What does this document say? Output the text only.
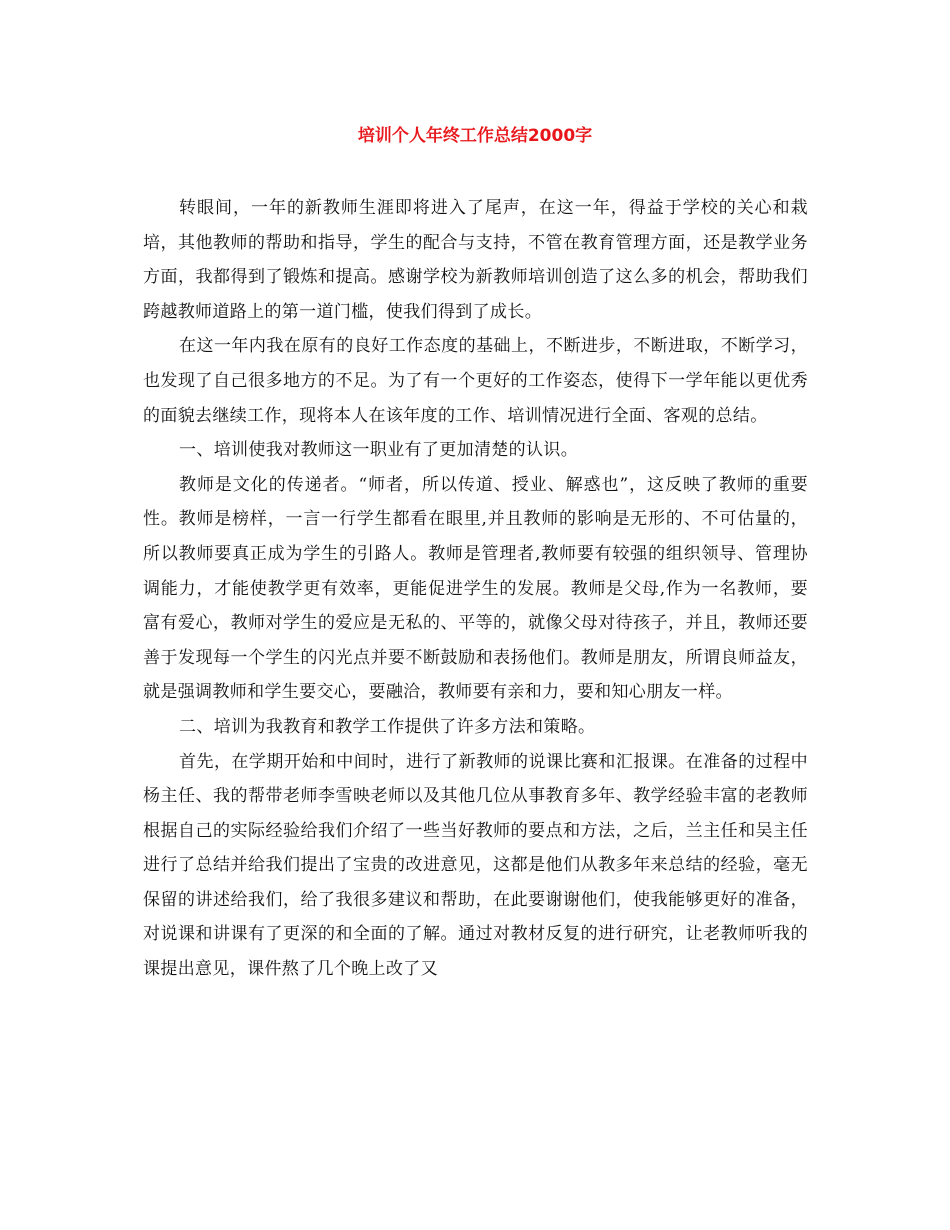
培训个人年终工作总结2000字

转眼间，一年的新教师生涯即将进入了尾声，在这一年，得益于学校的关心和栽培，其他教师的帮助和指导，学生的配合与支持，不管在教育管理方面，还是教学业务方面，我都得到了锻炼和提高。感谢学校为新教师培训创造了这么多的机会，帮助我们跨越教师道路上的第一道门槛，使我们得到了成长。

在这一年内我在原有的良好工作态度的基础上，不断进步，不断进取，不断学习，也发现了自己很多地方的不足。为了有一个更好的工作姿态，使得下一学年能以更优秀的面貌去继续工作，现将本人在该年度的工作、培训情况进行全面、客观的总结。

一、培训使我对教师这一职业有了更加清楚的认识。

教师是文化的传递者。“师者，所以传道、授业、解惑也”，这反映了教师的重要性。教师是榜样，一言一行学生都看在眼里,并且教师的影响是无形的、不可估量的，所以教师要真正成为学生的引路人。教师是管理者,教师要有较强的组织领导、管理协调能力，才能使教学更有效率，更能促进学生的发展。教师是父母,作为一名教师，要富有爱心，教师对学生的爱应是无私的、平等的，就像父母对待孩子，并且，教师还要善于发现每一个学生的闪光点并要不断鼓励和表扬他们。教师是朋友，所谓良师益友，就是强调教师和学生要交心，要融洽，教师要有亲和力，要和知心朋友一样。

二、培训为我教育和教学工作提供了许多方法和策略。

首先，在学期开始和中间时，进行了新教师的说课比赛和汇报课。在准备的过程中杨主任、我的帮带老师李雪映老师以及其他几位从事教育多年、教学经验丰富的老教师根据自己的实际经验给我们介绍了一些当好教师的要点和方法，之后，兰主任和吴主任进行了总结并给我们提出了宝贵的改进意见，这都是他们从教多年来总结的经验，毫无保留的讲述给我们，给了我很多建议和帮助，在此要谢谢他们，使我能够更好的准备，对说课和讲课有了更深的和全面的了解。通过对教材反复的进行研究，让老教师听我的课提出意见，课件熬了几个晚上改了又
